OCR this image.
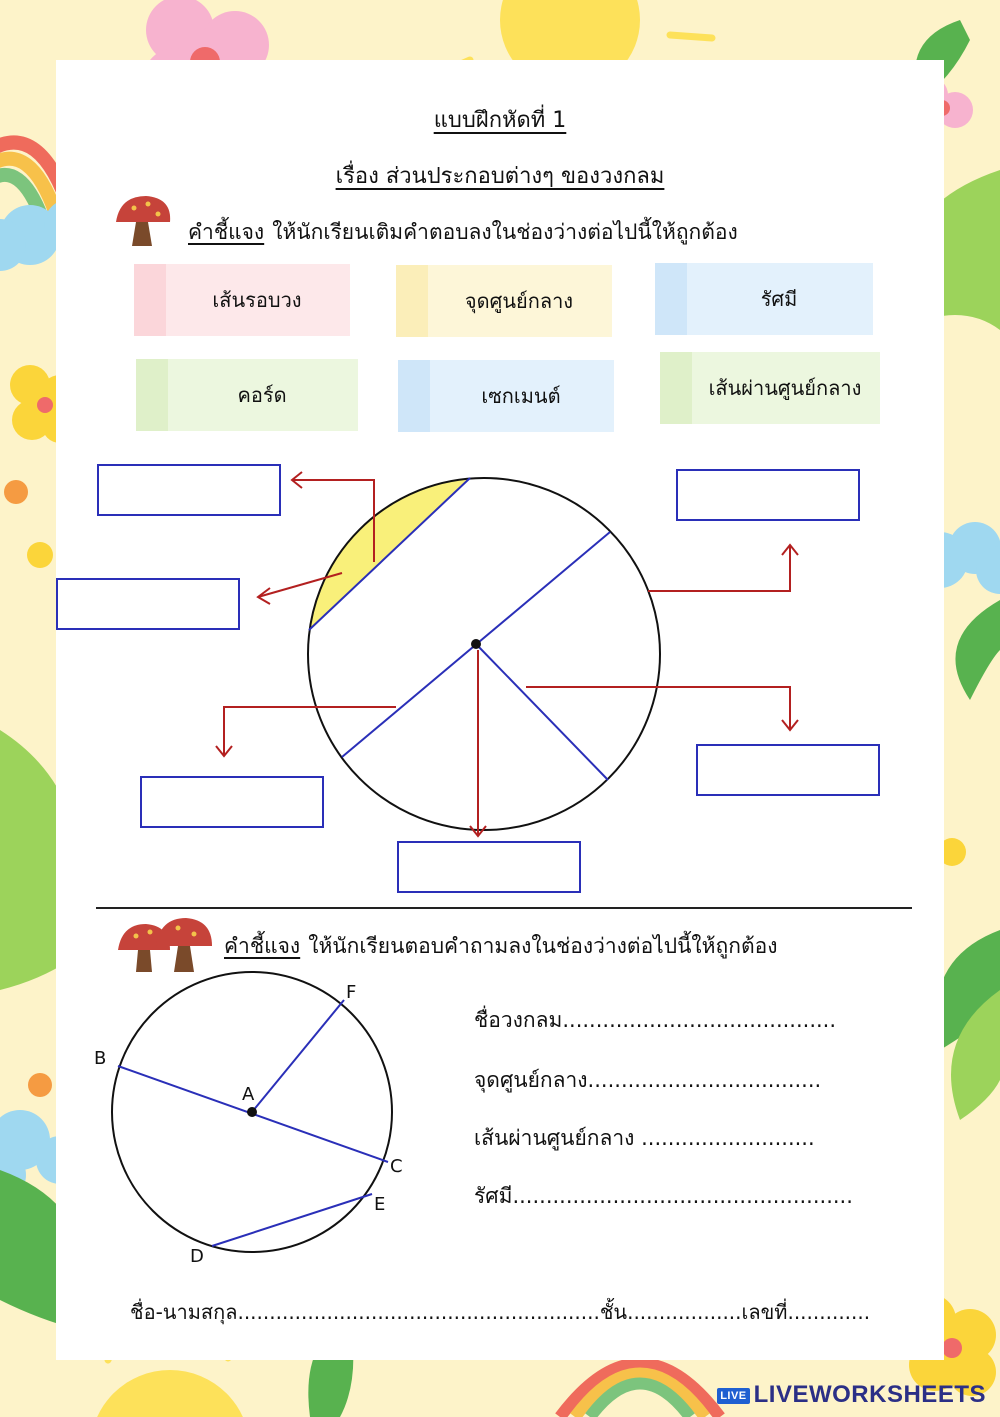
แบบฝึกหัดที่ 1
เรื่อง ส่วนประกอบต่างๆ ของวงกลม
คำชี้แจง ให้นักเรียนเติมคำตอบลงในช่องว่างต่อไปนี้ให้ถูกต้อง
เส้นรอบวง	จุดศูนย์กลาง	รัศมี
คอร์ด	เซกเมนต์	เส้นผ่านศูนย์กลาง
คำชี้แจง ให้นักเรียนตอบคำถามลงในช่องว่างต่อไปนี้ให้ถูกต้อง
A
B
C
D
E
F
ชื่อวงกลม.........................................
จุดศูนย์กลาง...................................
เส้นผ่านศูนย์กลาง ..........................
รัศมี...................................................
ชื่อ-นามสกุล.........................................................ชั้น..................เลขที่.............
LIVE LIVEWORKSHEETS
